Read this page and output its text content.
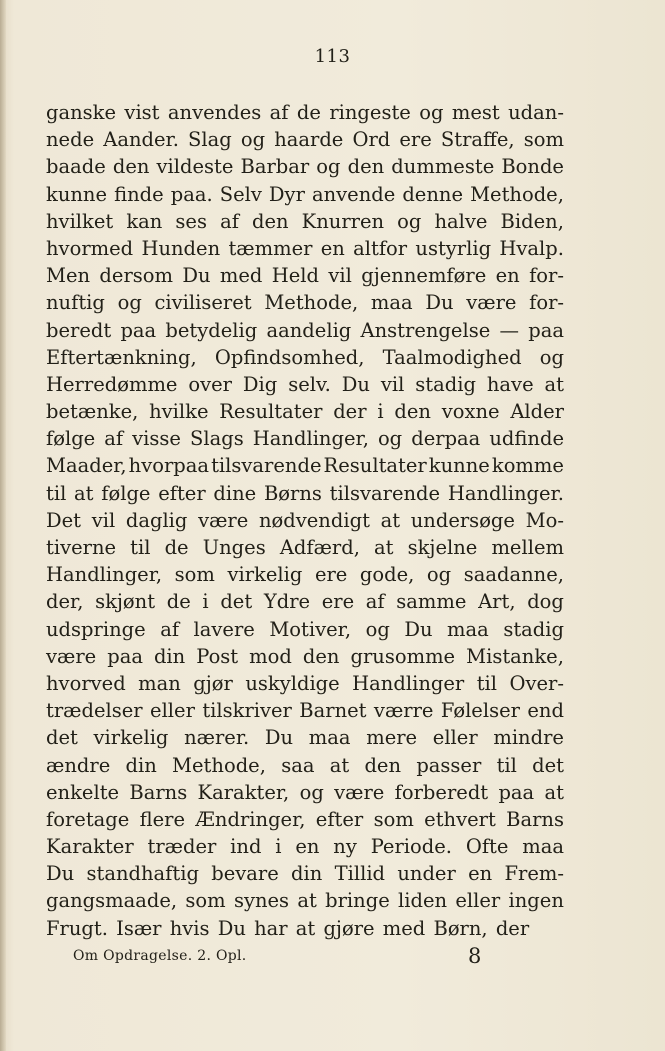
113
ganske vist anvendes af de ringeste og mest udan-
nede Aander. Slag og haarde Ord ere Straffe, som
baade den vildeste Barbar og den dummeste Bonde
kunne finde paa. Selv Dyr anvende denne Methode,
hvilket kan ses af den Knurren og halve Biden,
hvormed Hunden tæmmer en altfor ustyrlig Hvalp.
Men dersom Du med Held vil gjennemføre en for-
nuftig og civiliseret Methode, maa Du være for-
beredt paa betydelig aandelig Anstrengelse — paa
Eftertænkning, Opfindsomhed, Taalmodighed og
Herredømme over Dig selv. Du vil stadig have at
betænke, hvilke Resultater der i den voxne Alder
følge af visse Slags Handlinger, og derpaa udfinde
Maader, hvorpaa tilsvarende Resultater kunne komme
til at følge efter dine Børns tilsvarende Handlinger.
Det vil daglig være nødvendigt at undersøge Mo-
tiverne til de Unges Adfærd, at skjelne mellem
Handlinger, som virkelig ere gode, og saadanne,
der, skjønt de i det Ydre ere af samme Art, dog
udspringe af lavere Motiver, og Du maa stadig
være paa din Post mod den grusomme Mistanke,
hvorved man gjør uskyldige Handlinger til Over-
trædelser eller tilskriver Barnet værre Følelser end
det virkelig nærer. Du maa mere eller mindre
ændre din Methode, saa at den passer til det
enkelte Barns Karakter, og være forberedt paa at
foretage flere Ændringer, efter som ethvert Barns
Karakter træder ind i en ny Periode. Ofte maa
Du standhaftig bevare din Tillid under en Frem-
gangsmaade, som synes at bringe liden eller ingen
Frugt. Især hvis Du har at gjøre med Børn, der
Om Opdragelse. 2. Opl.	8
